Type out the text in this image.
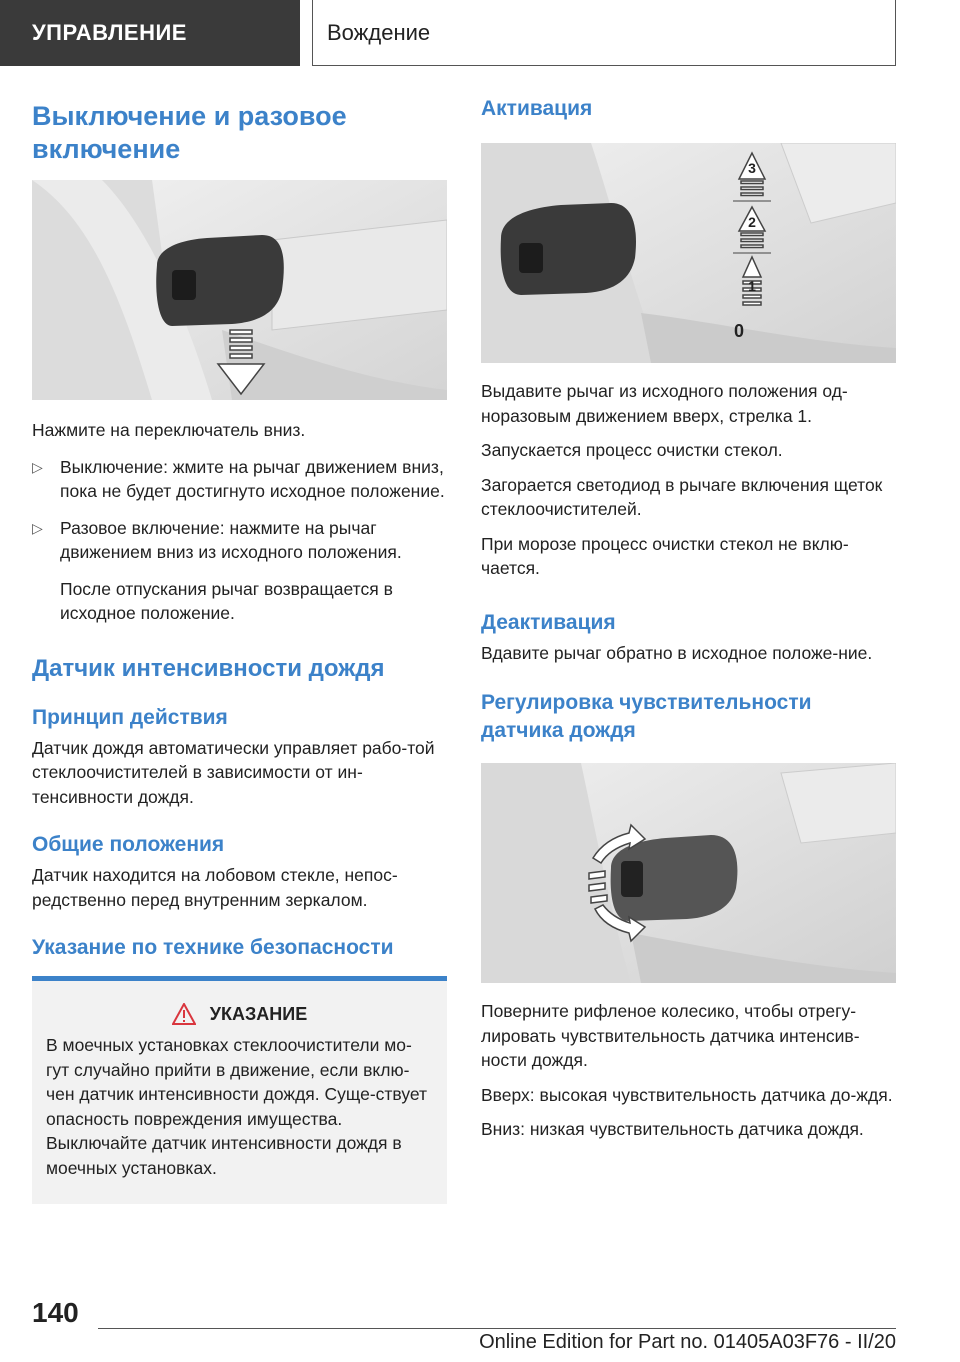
УПРАВЛЕНИЕ	Вождение
Выключение и разовое включение

Нажмите на переключатель вниз.

▷ Выключение: жмите на рычаг движением вниз, пока не будет достигнуто исходное положение.

▷ Разовое включение: нажмите на рычаг движением вниз из исходного положения.

После отпускания рычаг возвращается в исходное положение.

Датчик интенсивности дождя
Принцип действия

Датчик дождя автоматически управляет рабо-той стеклоочистителей в зависимости от ин-тенсивности дождя.

Общие положения

Датчик находится на лобовом стекле, непос-редственно перед внутренним зеркалом.

Указание по технике безопасности
УКАЗАНИЕ

В моечных установках стеклоочистители мо-гут случайно прийти в движение, если вклю-чен датчик интенсивности дождя. Суще-ствует опасность повреждения имущества. Выключайте датчик интенсивности дождя в моечных установках.

Активация
3
2
1
0

Выдавите рычаг из исходного положения од-норазовым движением вверх, стрелка 1.

Запускается процесс очистки стекол.

Загорается светодиод в рычаге включения щеток стеклоочистителей.

При морозе процесс очистки стекол не вклю-чается.

Деактивация

Вдавите рычаг обратно в исходное положе-ние.

Регулировка чувствительности датчика дождя

Поверните рифленое колесико, чтобы отрегу-лировать чувствительность датчика интенсив-ности дождя.

Вверх: высокая чувствительность датчика до-ждя.

Вниз: низкая чувствительность датчика дождя.

140
Online Edition for Part no. 01405A03F76 - II/20
